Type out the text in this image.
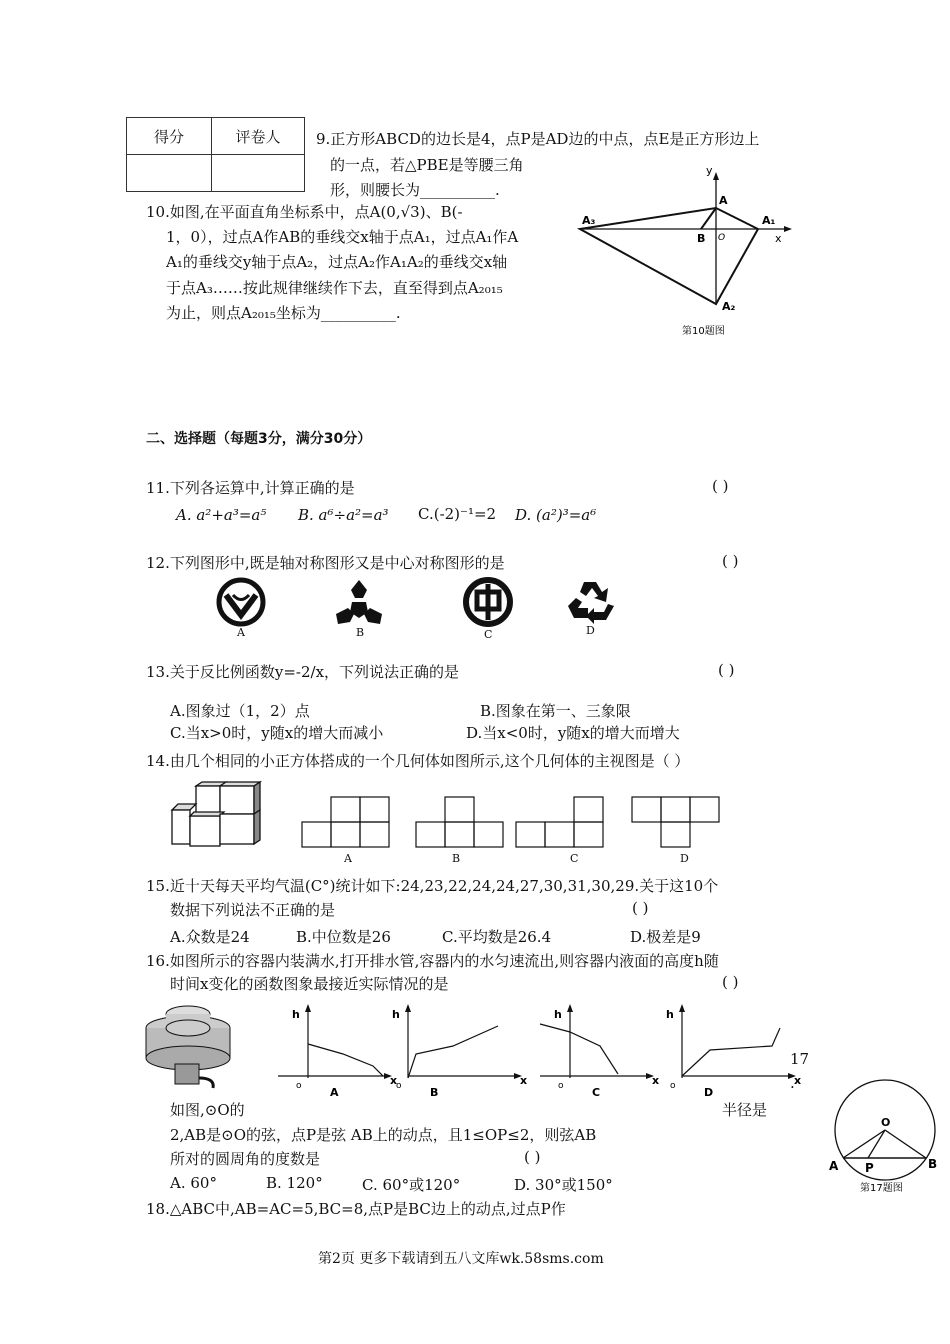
得分	评卷人
	9.正方形ABCD的边长是4，点P是AD边的中点，点E是正方形边上
的一点，若△PBE是等腰三角
形，则腰长为__________.
10.如图,在平面直角坐标系中，点A(0,√3)、B(-
1，0），过点A作AB的垂线交x轴于点A₁，过点A₁作A
A₁的垂线交y轴于点A₂，过点A₂作A₁A₂的垂线交x轴
于点A₃……按此规律继续作下去，直至得到点A₂₀₁₅
为止，则点A₂₀₁₅坐标为__________.
y
x
A
A₁
A₃
B O
A₂
第10题图
二、选择题（每题3分，满分30分）
11.下列各运算中,计算正确的是	( )
A. a²+a³=a⁵ B. a⁶÷a²=a³ C.(-2)⁻¹=2 D. (a²)³=a⁶
12.下列图形中,既是轴对称图形又是中心对称图形的是	( )
A	B	C	D
13.关于反比例函数y=-2/x，下列说法正确的是	( )
A.图象过（1，2）点	B.图象在第一、三象限
C.当x>0时，y随x的增大而减小	D.当x<0时，y随x的增大而增大
14.由几个相同的小正方体搭成的一个几何体如图所示,这个几何体的主视图是（ ）
A	B	C	D
15.近十天每天平均气温(C°)统计如下:24,23,22,24,24,27,30,31,30,29.关于这10个
数据下列说法不正确的是	( )
A.众数是24	B.中位数是26	C.平均数是26.4	D.极差是9
16.如图所示的容器内装满水,打开排水管,容器内的水匀速流出,则容器内液面的高度h随
时间x变化的函数图象最接近实际情况的是	( )
h
o	x
A
h
o	x
B
h
o	x
C
h
o	x
D
17
.
如图,⊙O的	半径是
2,AB是⊙O的弦，点P是弦 AB上的动点，且1≤OP≤2，则弦AB
所对的圆周角的度数是	( )
A. 60°	B. 120°	C. 60°或120°	D. 30°或150°
O
A	B
P
第17题图
18.△ABC中,AB=AC=5,BC=8,点P是BC边上的动点,过点P作
第2页 更多下载请到五八文库wk.58sms.com
